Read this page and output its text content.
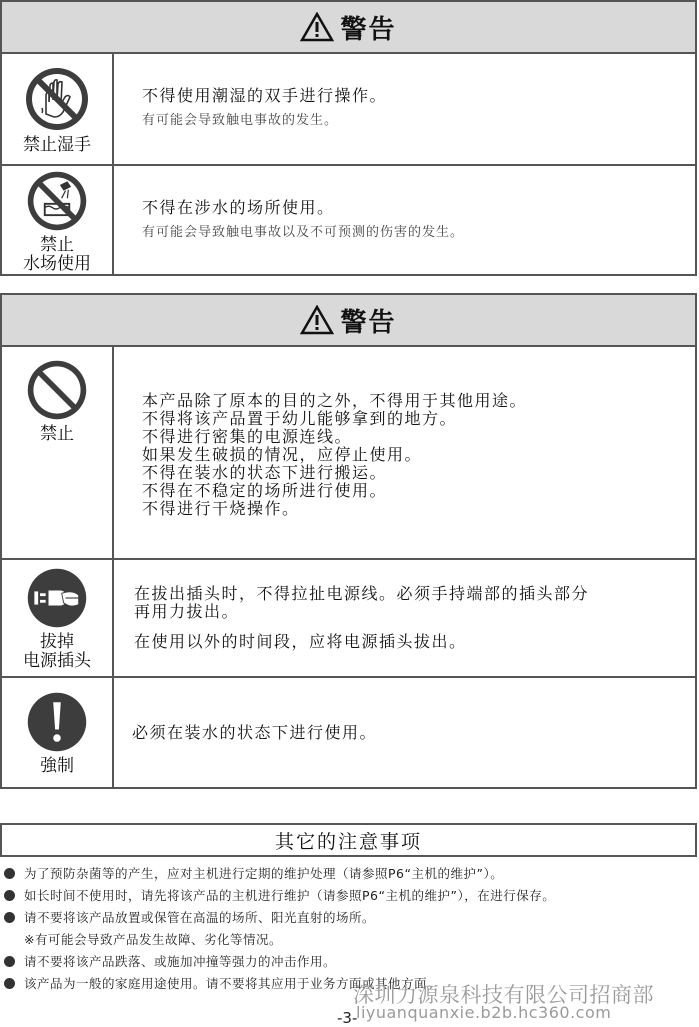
警告
禁止湿手
不得使用潮湿的双手进行操作。
有可能会导致触电事故的发生。
禁止
水场使用
不得在涉水的场所使用。
有可能会导致触电事故以及不可预测的伤害的发生。
警告
禁止
本产品除了原本的目的之外，不得用于其他用途。
不得将该产品置于幼儿能够拿到的地方。
不得进行密集的电源连线。
如果发生破损的情况，应停止使用。
不得在装水的状态下进行搬运。
不得在不稳定的场所进行使用。
不得进行干烧操作。
拔掉
电源插头
在拔出插头时，不得拉扯电源线。必须手持端部的插头部分
再用力拔出。
在使用以外的时间段，应将电源插头拔出。
強制
必须在装水的状态下进行使用。
其它的注意事项
为了预防杂菌等的产生，应对主机进行定期的维护处理（请参照P6“主机的维护”）。
如长时间不使用时，请先将该产品的主机进行维护（请参照P6“主机的维护”），在进行保存。
请不要将该产品放置或保管在高温的场所、阳光直射的场所。
※有可能会导致产品发生故障、劣化等情况。
请不要将该产品跌落、或施加冲撞等强力的冲击作用。
该产品为一般的家庭用途使用。请不要将其应用于业务方面或其他方面。
深圳力源泉科技有限公司招商部
-3-
liyuanquanxie.b2b.hc360.com
